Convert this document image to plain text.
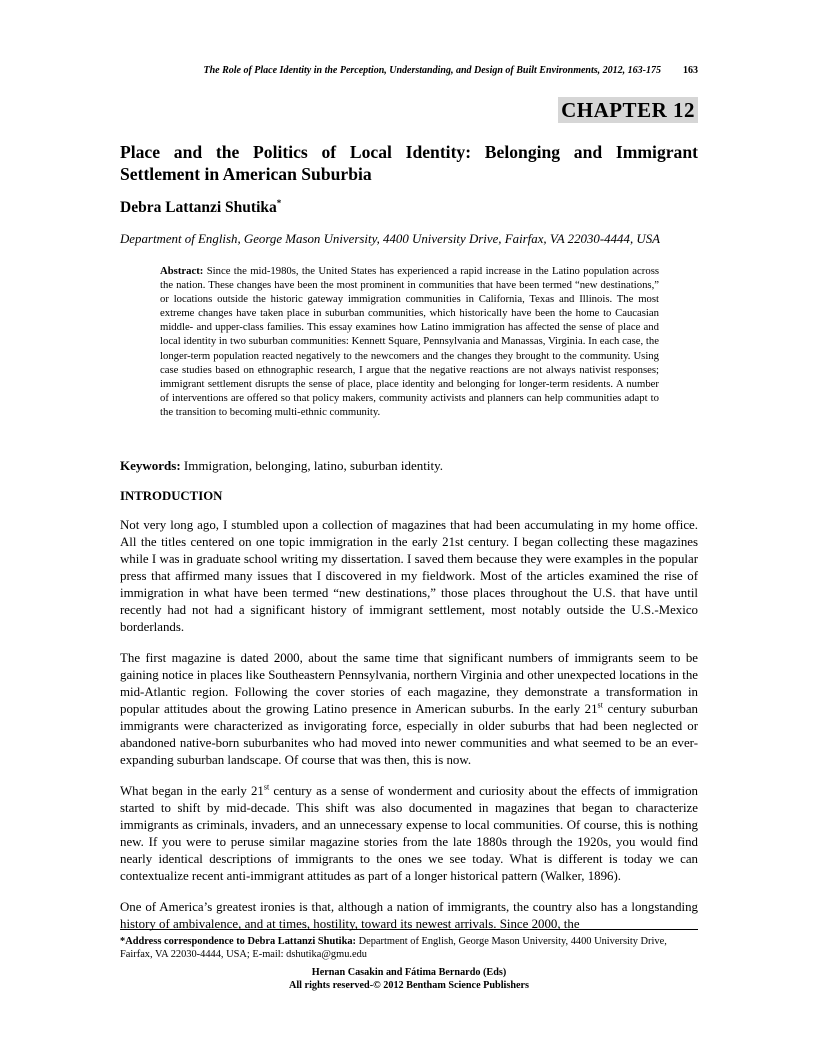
The Role of Place Identity in the Perception, Understanding, and Design of Built Environments, 2012, 163-175 163
CHAPTER 12
Place and the Politics of Local Identity: Belonging and Immigrant Settlement in American Suburbia
Debra Lattanzi Shutika*
Department of English, George Mason University, 4400 University Drive, Fairfax, VA 22030-4444, USA
Abstract: Since the mid-1980s, the United States has experienced a rapid increase in the Latino population across the nation. These changes have been the most prominent in communities that have been termed “new destinations,” or locations outside the historic gateway immigration communities in California, Texas and Illinois. The most extreme changes have taken place in suburban communities, which historically have been the home to Caucasian middle- and upper-class families. This essay examines how Latino immigration has affected the sense of place and local identity in two suburban communities: Kennett Square, Pennsylvania and Manassas, Virginia. In each case, the longer-term population reacted negatively to the newcomers and the changes they brought to the community. Using case studies based on ethnographic research, I argue that the negative reactions are not always nativist responses; immigrant settlement disrupts the sense of place, place identity and belonging for longer-term residents. A number of interventions are offered so that policy makers, community activists and planners can help communities adapt to the transition to becoming multi-ethnic community.
Keywords: Immigration, belonging, latino, suburban identity.
INTRODUCTION

Not very long ago, I stumbled upon a collection of magazines that had been accumulating in my home office. All the titles centered on one topic immigration in the early 21st century. I began collecting these magazines while I was in graduate school writing my dissertation. I saved them because they were examples in the popular press that affirmed many issues that I discovered in my fieldwork. Most of the articles examined the rise of immigration in what have been termed “new destinations,” those places throughout the U.S. that have until recently had not had a significant history of immigrant settlement, most notably outside the U.S.-Mexico borderlands.

The first magazine is dated 2000, about the same time that significant numbers of immigrants seem to be gaining notice in places like Southeastern Pennsylvania, northern Virginia and other unexpected locations in the mid-Atlantic region. Following the cover stories of each magazine, they demonstrate a transformation in popular attitudes about the growing Latino presence in American suburbs. In the early 21st century suburban immigrants were characterized as invigorating force, especially in older suburbs that had been neglected or abandoned native-born suburbanites who had moved into newer communities and what seemed to be an ever-expanding suburban landscape. Of course that was then, this is now.

What began in the early 21st century as a sense of wonderment and curiosity about the effects of immigration started to shift by mid-decade. This shift was also documented in magazines that began to characterize immigrants as criminals, invaders, and an unnecessary expense to local communities. Of course, this is nothing new. If you were to peruse similar magazine stories from the late 1880s through the 1920s, you would find nearly identical descriptions of immigrants to the ones we see today. What is different is today we can contextualize recent anti-immigrant attitudes as part of a longer historical pattern (Walker, 1896).

One of America’s greatest ironies is that, although a nation of immigrants, the country also has a longstanding history of ambivalence, and at times, hostility, toward its newest arrivals. Since 2000, the

*Address correspondence to Debra Lattanzi Shutika: Department of English, George Mason University, 4400 University Drive, Fairfax, VA 22030-4444, USA; E-mail: dshutika@gmu.edu
Hernan Casakin and Fátima Bernardo (Eds)
All rights reserved-© 2012 Bentham Science Publishers
